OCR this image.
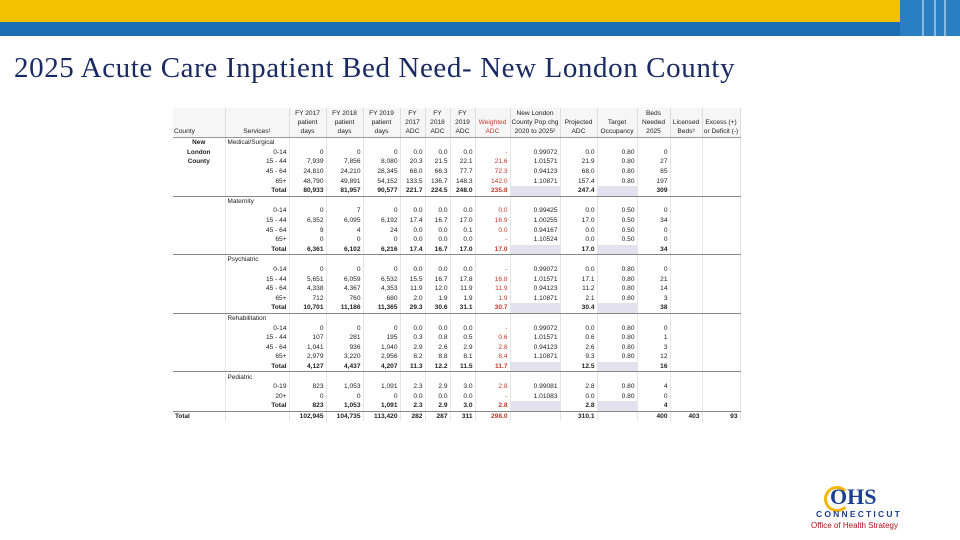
2025 Acute Care Inpatient Bed Need- New London County
County	Services¹	FY 2017 patient days	FY 2018 patient days	FY 2019 patient days	FY 2017 ADC	FY 2018 ADC	FY 2019 ADC	Weighted ADC	New London County Pop chg 2020 to 2025²	Projected ADC	Target Occupancy	Beds Needed 2025	Licensed Beds³	Excess (+) or Deficit (-)
New	Medical/Surgical													
London	0-14	0	0	0	0.0	0.0	0.0	-	0.99072	0.0	0.80	0		
County	15 - 44	7,939	7,856	8,080	20.3	21.5	22.1	21.6	1.01571	21.9	0.80	27		
	45 - 64	24,810	24,210	28,345	68.0	66.3	77.7	72.3	0.94123	68.0	0.80	85		
	65+	48,790	49,891	54,152	133.5	136.7	148.3	142.0	1.10871	157.4	0.80	197		
	Total	80,933	81,957	90,577	221.7	224.5	248.0	235.8		247.4		309		
	Maternity													
	0-14	0	7	0	0.0	0.0	0.0	0.0	0.99425	0.0	0.50	0		
	15 - 44	6,352	6,095	6,192	17.4	16.7	17.0	16.9	1.00255	17.0	0.50	34		
	45 - 64	9	4	24	0.0	0.0	0.1	0.0	0.94167	0.0	0.50	0		
	65+	0	0	0	0.0	0.0	0.0	-	1.10524	0.0	0.50	0		
	Total	6,361	6,102	6,216	17.4	16.7	17.0	17.0		17.0		34		
	Psychiatric													
	0-14	0	0	0	0.0	0.0	0.0	-	0.99072	0.0	0.80	0		
	15 - 44	5,651	6,059	6,532	15.5	16.7	17.8	16.8	1.01571	17.1	0.80	21		
	45 - 64	4,338	4,367	4,353	11.9	12.0	11.9	11.9	0.94123	11.2	0.80	14		
	65+	712	760	680	2.0	1.9	1.9	1.9	1.10871	2.1	0.80	3		
	Total	10,701	11,186	11,365	29.3	30.6	31.1	30.7		30.4		38		
	Rehabilitation													
	0-14	0	0	0	0.0	0.0	0.0	-	0.99072	0.0	0.80	0		
	15 - 44	107	281	195	0.3	0.8	0.5	0.6	1.01571	0.6	0.80	1		
	45 - 64	1,041	936	1,040	2.9	2.6	2.9	2.8	0.94123	2.6	0.80	3		
	65+	2,979	3,220	2,956	8.2	8.8	8.1	8.4	1.10871	9.3	0.80	12		
	Total	4,127	4,437	4,207	11.3	12.2	11.5	11.7		12.5		16		
	Pediatric													
	0-19	823	1,053	1,091	2.3	2.9	3.0	2.8	0.99081	2.8	0.80	4		
	20+	0	0	0	0.0	0.0	0.0	-	1.01083	0.0	0.80	0		
	Total	823	1,053	1,091	2.3	2.9	3.0	2.8		2.8		4		
Total		102,945	104,735	113,420	282	287	311	298.0		310.1		400	403	93
OHS
CONNECTICUT
Office of Health Strategy
